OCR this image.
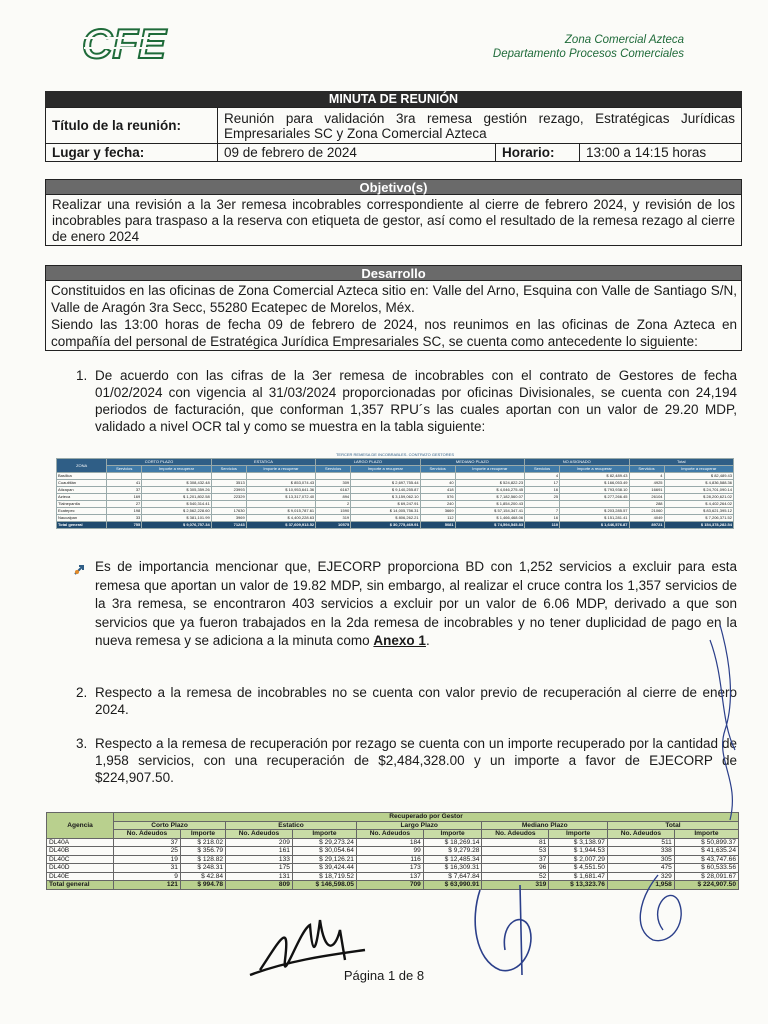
CFE	Zona Comercial Azteca
Departamento Procesos Comerciales
MINUTA DE REUNIÓN
Título de la reunión:	Reunión para validación 3ra remesa gestión rezago, Estratégicas Jurídicas Empresariales SC y Zona Comercial Azteca		
Lugar y fecha:	09 de febrero de 2024	Horario:	13:00 a 14:15 horas
Objetivo(s)
Realizar una revisión a la 3er remesa incobrables correspondiente al cierre de febrero 2024, y revisión de los incobrables para traspaso a la reserva con etiqueta de gestor, así como el resultado de la remesa rezago al cierre de enero 2024
Desarrollo
Constituidos en las oficinas de Zona Comercial Azteca sitio en: Valle del Arno, Esquina con Valle de Santiago S/N, Valle de Aragón 3ra Secc, 55280 Ecatepec de Morelos, Méx.
Siendo las 13:00 horas de fecha 09 de febrero de 2024, nos reunimos en las oficinas de Zona Azteca en compañía del personal de Estratégica Jurídica Empresariales SC, se cuenta como antecedente lo siguiente:
1. De acuerdo con las cifras de la 3er remesa de incobrables con el contrato de Gestores de fecha 01/02/2024 con vigencia al 31/03/2024 proporcionadas por oficinas Divisionales, se cuenta con 24,194 periodos de facturación, que conforman 1,357 RPU´s las cuales aportan con un valor de 29.20 MDP, validado a nivel OCR tal y como se muestra en la tabla siguiente:
TERCER REMESA DE INCOBRABLES. CONTRATO GESTORES
ZONA	CORTO PLAZO		ESTATICA		LARGO PLAZO		MEDIANO PLAZO		NO ASIGNADO		Total	
	Servicios	Importe a recuperar	Servicios	Importe a recuperar	Servicios	Importe a recuperar	Servicios	Importe a recuperar	Servicios	Importe a recuperar	Servicios	Importe a recuperar
Basilica									4	$ 82,489.43	4	$ 82,489.43
Cuautitlán	41	$ 308,432.48	3513	$ 853,074.43	309	$ 2,697,755.44	40	$ 524,822.23	17	$ 166,053.49	4925	$ 4,836,588.36
Atizapan	37	$ 305,359.26	23993	$ 10,953,641.36	6167	$ 9,140,255.87	418	$ 4,046,275.45	16	$ 793,938.10	16691	$ 24,701,090.14
Azteca	169	$ 1,201,802.58	22329	$ 13,317,072.40	894	$ 3,159,062.10	576	$ 7,182,560.07	25	$ 277,266.45	26104	$ 28,200,621.02
Tlalnepantla	27	$ 540,314.41			2	$ 69,247.91	240	$ 1,854,200.43			288	$ 4,402,264.02
Ecatepec	198	$ 2,562,228.60	17630	$ 9,015,787.61	1590	$ 14,005,756.31	3669	$ 57,154,347.41	7	$ 203,285.57	21060	$ 83,621,395.12
Naucalpan	33	$ 381,101.99	3969	$ 4,400,228.63	319	$ 806,262.21	112	$ 1,466,468.06	16	$ 151,281.41	4049	$ 7,206,371.52
Total general	755	$ 9,076,757.34	71243	$ 37,609,913.52	10575	$ 30,775,469.91	5081	$ 74,594,545.83	110	$ 1,646,576.87	89721	$ 154,378,282.54
Es de importancia mencionar que, EJECORP proporciona BD con 1,252 servicios a excluir para esta remesa que aportan un valor de 19.82 MDP, sin embargo, al realizar el cruce contra los 1,357 servicios de la 3ra remesa, se encontraron 403 servicios a excluir por un valor de 6.06 MDP, derivado a que son servicios que ya fueron trabajados en la 2da remesa de incobrables y no tener duplicidad de pago en la nueva remesa y se adiciona a la minuta como Anexo 1.
2. Respecto a la remesa de incobrables no se cuenta con valor previo de recuperación al cierre de enero 2024.
3. Respecto a la remesa de recuperación por rezago se cuenta con un importe recuperado por la cantidad de 1,958 servicios, con una recuperación de $2,484,328.00 y un importe a favor de EJECORP de $224,907.50.
Agencia	Recuperado por Gestor									
	Corto Plazo		Estatico		Largo Plazo		Mediano Plazo		Total	
	No. Adeudos	Importe	No. Adeudos	Importe	No. Adeudos	Importe	No. Adeudos	Importe	No. Adeudos	Importe
DL40A	37	$ 218.02	209	$ 29,273.24	184	$ 18,269.14	81	$ 3,138.97	511	$ 50,899.37
DL40B	25	$ 356.79	161	$ 30,054.64	99	$ 9,279.28	53	$ 1,944.53	338	$ 41,635.24
DL40C	19	$ 128.82	133	$ 29,126.21	116	$ 12,485.34	37	$ 2,007.29	305	$ 43,747.66
DL40D	31	$ 248.31	175	$ 39,424.44	173	$ 16,309.31	96	$ 4,551.50	475	$ 60,533.56
DL40E	9	$ 42.84	131	$ 18,719.52	137	$ 7,647.84	52	$ 1,681.47	329	$ 28,091.67
Total general	121	$ 994.78	809	$ 146,598.05	709	$ 63,990.91	319	$ 13,323.76	1,958	$ 224,907.50
Página 1 de 8
